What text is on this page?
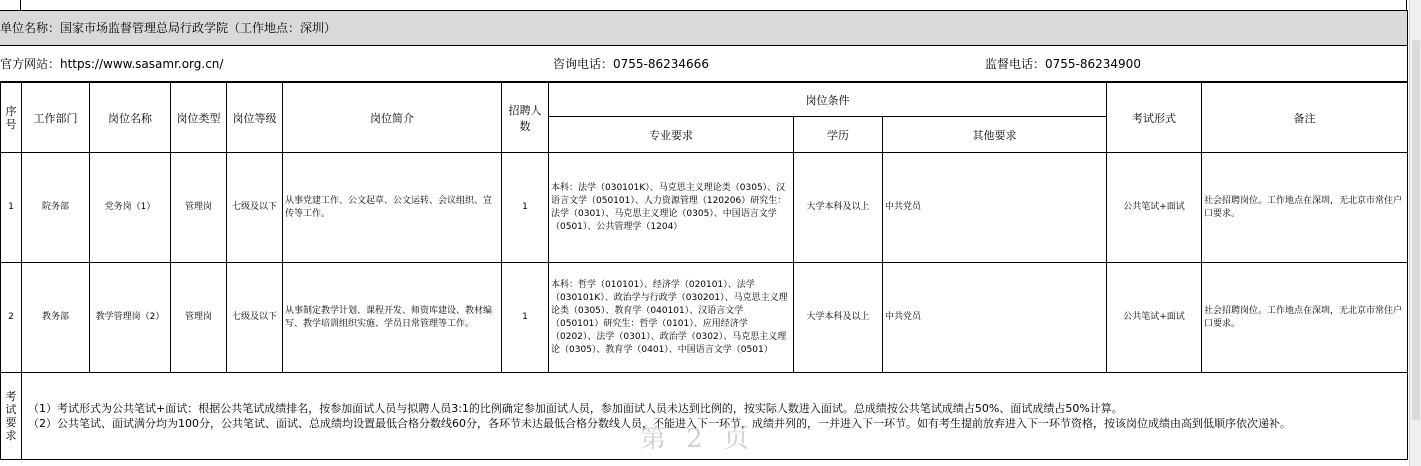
单位名称：国家市场监督管理总局行政学院（工作地点：深圳）
官方网站：https://www.sasamr.org.cn/	咨询电话：0755-86234666	监督电话：0755-86234900
序号	工作部门	岗位名称	岗位类型	岗位等级	岗位简介	招聘人数	岗位条件			考试形式	备注
							专业要求	学历	其他要求		
1	院务部	党务岗（1）	管理岗	七级及以下	从事党建工作、公文起草、公文运转、会议组织、宣传等工作。	1	本科：法学（030101K）、马克思主义理论类（0305）、汉语言文学（050101）、人力资源管理（120206）研究生：法学（0301）、马克思主义理论（0305）、中国语言文学（0501）、公共管理学（1204）	大学本科及以上	中共党员	公共笔试+面试	社会招聘岗位。工作地点在深圳，无北京市常住户口要求。
2	教务部	教学管理岗（2）	管理岗	七级及以下	从事制定教学计划、课程开发、师资库建设、教材编写、教学培训组织实施、学员日常管理等工作。	1	本科：哲学（010101）、经济学（020101）、法学（030101K）、政治学与行政学（030201）、马克思主义理论类（0305）、教育学（040101）、汉语言文学（050101）研究生：哲学（0101）、应用经济学（0202）、法学（0301）、政治学（0302）、马克思主义理论（0305）、教育学（0401）、中国语言文学（0501）	大学本科及以上	中共党员	公共笔试+面试	社会招聘岗位。工作地点在深圳，无北京市常住户口要求。
考试要求	（1）考试形式为公共笔试+面试：根据公共笔试成绩排名，按参加面试人员与拟聘人员3:1的比例确定参加面试人员，参加面试人员未达到比例的，按实际人数进入面试。总成绩按公共笔试成绩占50%、面试成绩占50%计算。
（2）公共笔试、面试满分均为100分，公共笔试、面试、总成绩均设置最低合格分数线60分，各环节未达最低合格分数线人员，不能进入下一环节，成绩并列的，一并进入下一环节。如有考生提前放弃进入下一环节资格，按该岗位成绩由高到低顺序依次递补。										
第 2 页
